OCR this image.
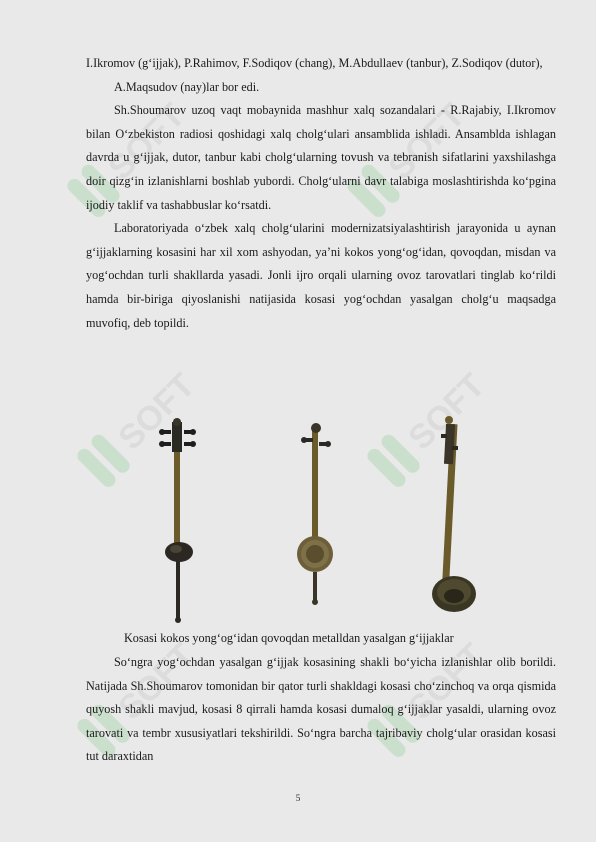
SOFT	SOFT
SOFT	SOFT
SOFT	SOFT

I.Ikromov (g‘ijjak), P.Rahimov, F.Sodiqov (chang), M.Abdullaev (tanbur), Z.Sodiqov (dutor),

A.Maqsudov (nay)lar bor edi.

Sh.Shoumarov uzoq vaqt mobaynida mashhur xalq sozandalari - R.Rajabiy, I.Ikromov bilan O‘zbekiston radiosi qoshidagi xalq cholg‘ulari ansamblida ishladi. Ansamblda ishlagan davrda u g‘ijjak, dutor, tanbur kabi cholg‘ularning tovush va tebranish sifatlarini yaxshilashga doir qizg‘in izlanishlarni boshlab yubordi. Cholg‘ularni davr talabiga moslashtirishda ko‘pgina ijodiy taklif va tashabbuslar ko‘rsatdi.

Laboratoriyada o‘zbek xalq cholg‘ularini modernizatsiyalashtirish jarayonida u aynan g‘ijjaklarning kosasini har xil xom ashyodan, ya’ni kokos yong‘og‘idan, qovoqdan, misdan va yog‘ochdan turli shakllarda yasadi. Jonli ijro orqali ularning ovoz tarovatlari tinglab ko‘rildi hamda bir-biriga qiyoslanishi natijasida kosasi yog‘ochdan yasalgan cholg‘u maqsadga muvofiq, deb topildi.

Kosasi kokos yong‘og‘idan qovoqdan metalldan yasalgan g‘ijjaklar

So‘ngra yog‘ochdan yasalgan g‘ijjak kosasining shakli bo‘yicha izlanishlar olib borildi. Natijada Sh.Shoumarov tomonidan bir qator turli shakldagi kosasi cho‘zinchoq va orqa qismida quyosh shakli mavjud, kosasi 8 qirrali hamda kosasi dumaloq g‘ijjaklar yasaldi, ularning ovoz tarovati va tembr xususiyatlari tekshirildi. So‘ngra barcha tajribaviy cholg‘ular orasidan kosasi tut daraxtidan

5
